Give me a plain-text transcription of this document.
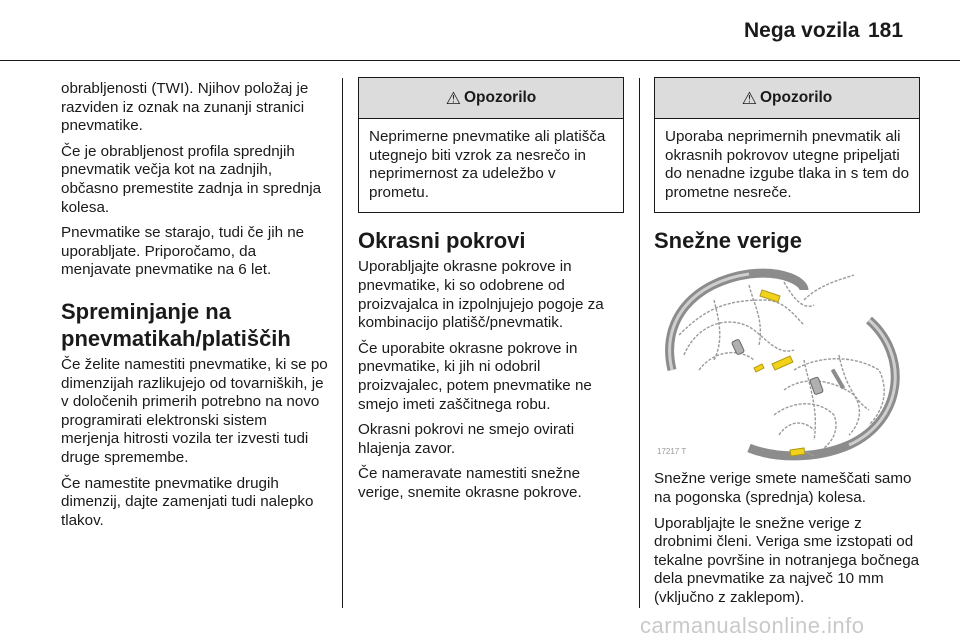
Nega vozila 181

obrabljenosti (TWI). Njihov položaj je razviden iz oznak na zunanji stranici pnevmatike.

Če je obrabljenost profila sprednjih pnevmatik večja kot na zadnjih, občasno premestite zadnja in sprednja kolesa.

Pnevmatike se starajo, tudi če jih ne uporabljate. Priporočamo, da menjavate pnevmatike na 6 let.

Spreminjanje na pnevmatikah/platiščih

Če želite namestiti pnevmatike, ki se po dimenzijah razlikujejo od tovarniških, je v določenih primerih potrebno na novo programirati elektronski sistem merjenja hitrosti vozila ter izvesti tudi druge spremembe.

Če namestite pnevmatike drugih dimenzij, dajte zamenjati tudi nalepko tlakov.

⚠ Opozorilo
Neprimerne pnevmatike ali platišča utegnejo biti vzrok za nesrečo in neprimernost za udeležbo v prometu.
Okrasni pokrovi

Uporabljajte okrasne pokrove in pnevmatike, ki so odobrene od proizvajalca in izpolnjujejo pogoje za kombinacijo platišč/pnevmatik.

Če uporabite okrasne pokrove in pnevmatike, ki jih ni odobril proizvajalec, potem pnevmatike ne smejo imeti zaščitnega robu.

Okrasni pokrovi ne smejo ovirati hlajenja zavor.

Če nameravate namestiti snežne verige, snemite okrasne pokrove.

⚠ Opozorilo
Uporaba neprimernih pnevmatik ali okrasnih pokrovov utegne pripeljati do nenadne izgube tlaka in s tem do prometne nesreče.
Snežne verige
17217 T

Snežne verige smete nameščati samo na pogonska (sprednja) kolesa.

Uporabljajte le snežne verige z drobnimi členi. Veriga sme izstopati od tekalne površine in notranjega bočnega dela pnevmatike za največ 10 mm (vključno z zaklepom).

carmanualsonline.info
